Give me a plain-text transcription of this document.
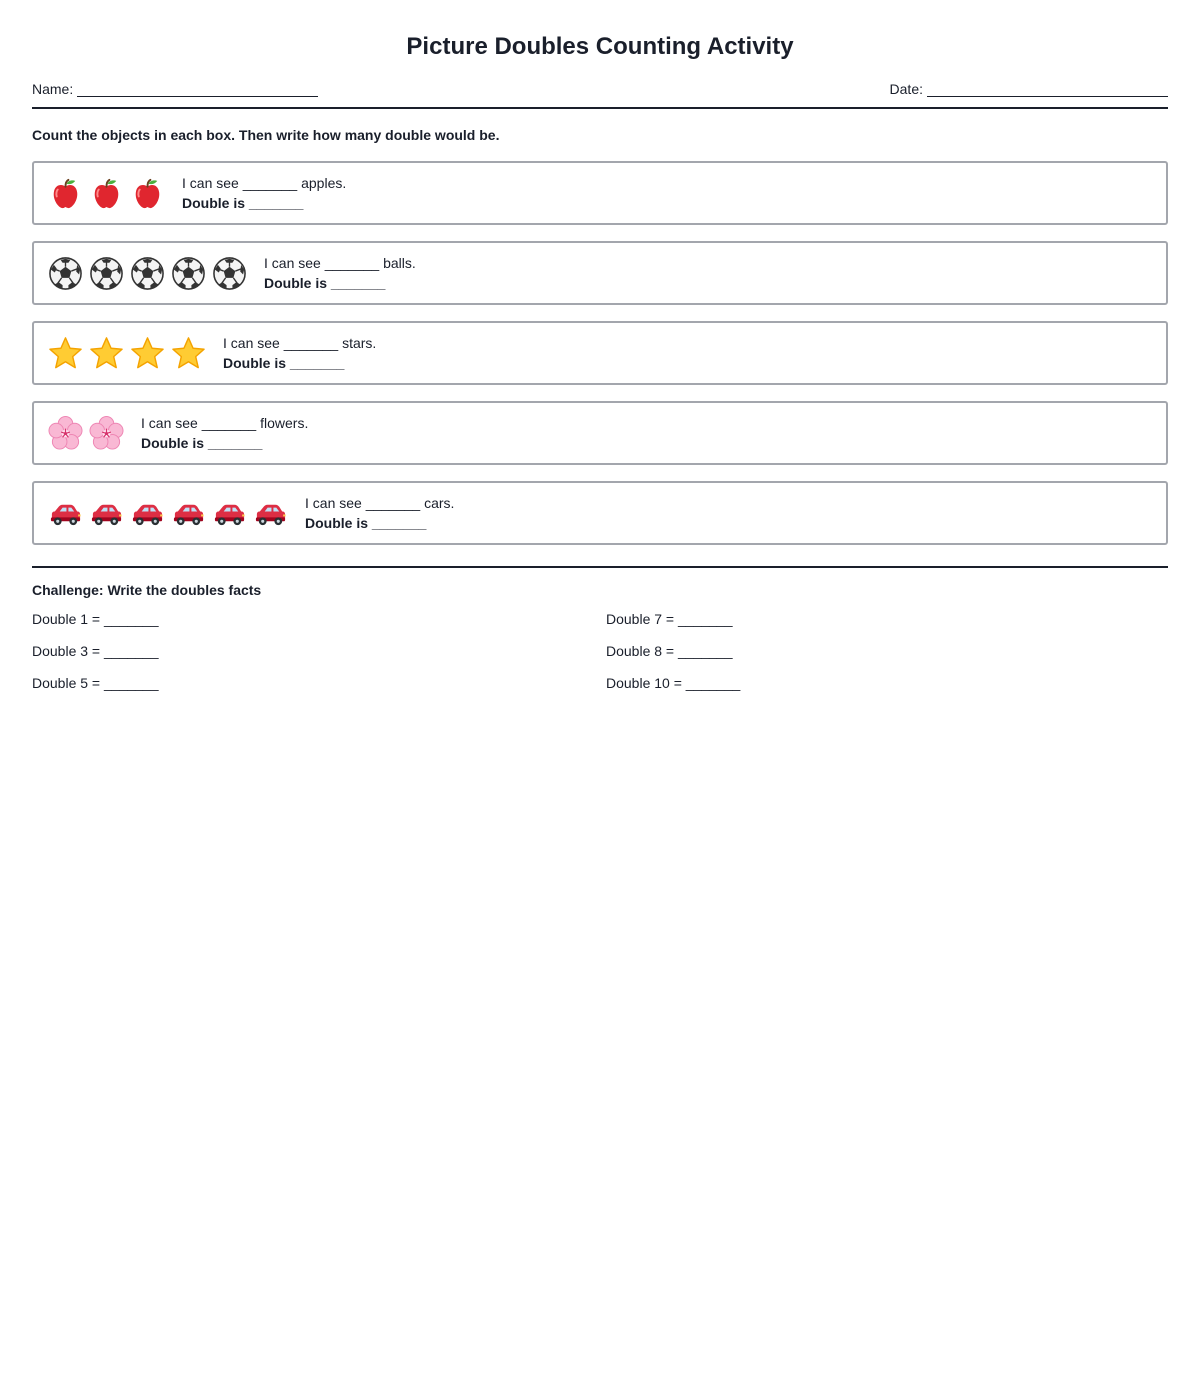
Picture Doubles Counting Activity
Name:	Date:
Count the objects in each box. Then write how many double would be.
I can see _______ apples.
Double is _______
I can see _______ balls.
Double is _______
I can see _______ stars.
Double is _______
I can see _______ flowers.
Double is _______
I can see _______ cars.
Double is _______
Challenge: Write the doubles facts
Double 1 = _______
Double 3 = _______
Double 5 = _______
Double 7 = _______
Double 8 = _______
Double 10 = _______
